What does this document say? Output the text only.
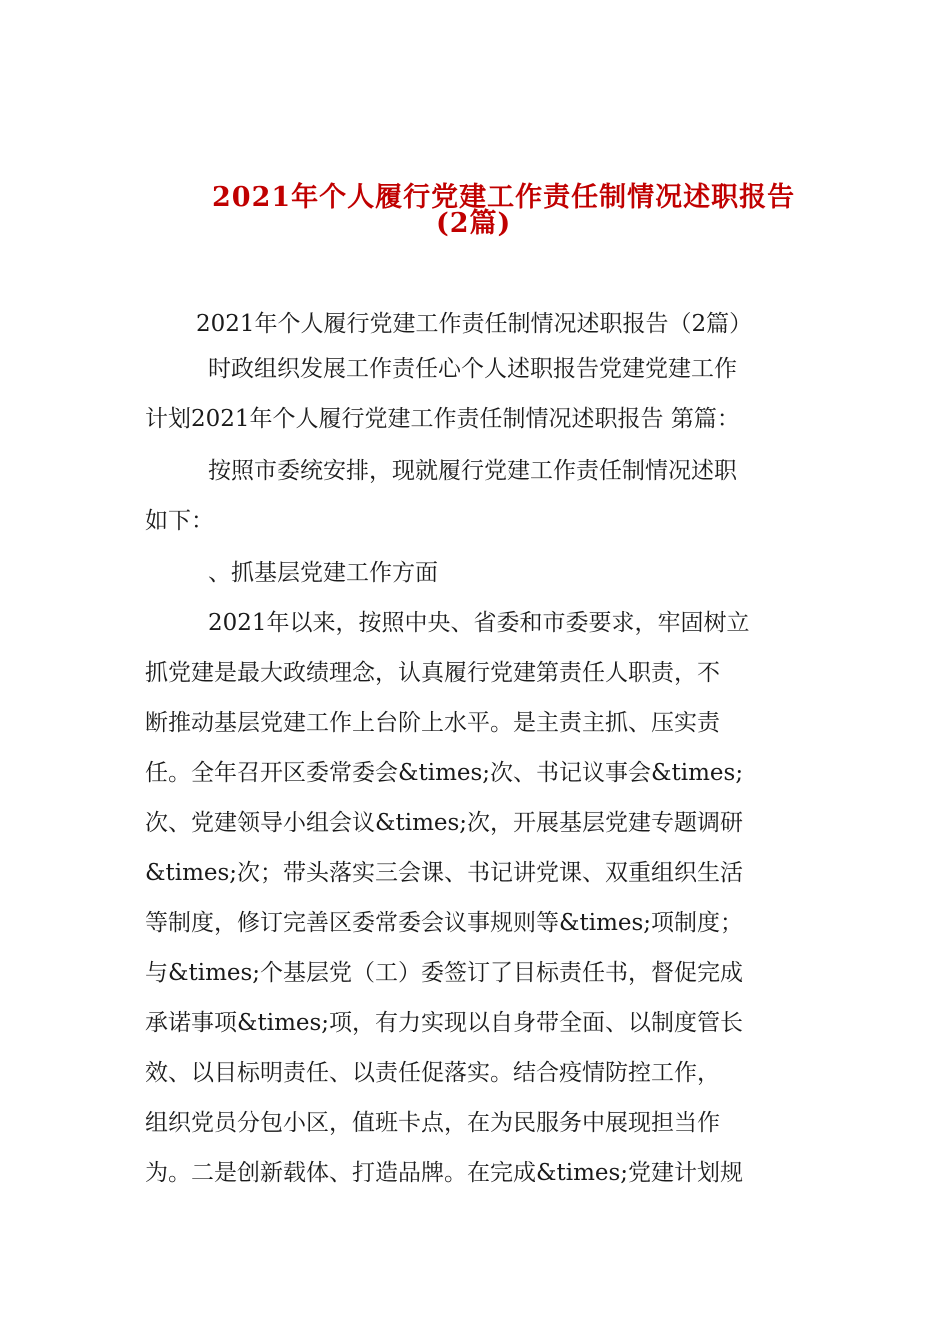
2021年个人履行党建工作责任制情况述职报告
(2篇)
2021年个人履行党建工作责任制情况述职报告（2篇）
时政组织发展工作责任心个人述职报告党建党建工作
计划2021年个人履行党建工作责任制情况述职报告 第篇：
按照市委统安排，现就履行党建工作责任制情况述职
如下：
、抓基层党建工作方面
2021年以来，按照中央、省委和市委要求，牢固树立
抓党建是最大政绩理念，认真履行党建第责任人职责，不
断推动基层党建工作上台阶上水平。是主责主抓、压实责
任。全年召开区委常委会&times;次、书记议事会&times;
次、党建领导小组会议&times;次，开展基层党建专题调研
&times;次；带头落实三会课、书记讲党课、双重组织生活
等制度，修订完善区委常委会议事规则等&times;项制度；
与&times;个基层党（工）委签订了目标责任书，督促完成
承诺事项&times;项，有力实现以自身带全面、以制度管长
效、以目标明责任、以责任促落实。结合疫情防控工作，
组织党员分包小区，值班卡点，在为民服务中展现担当作
为。二是创新载体、打造品牌。在完成&times;党建计划规
